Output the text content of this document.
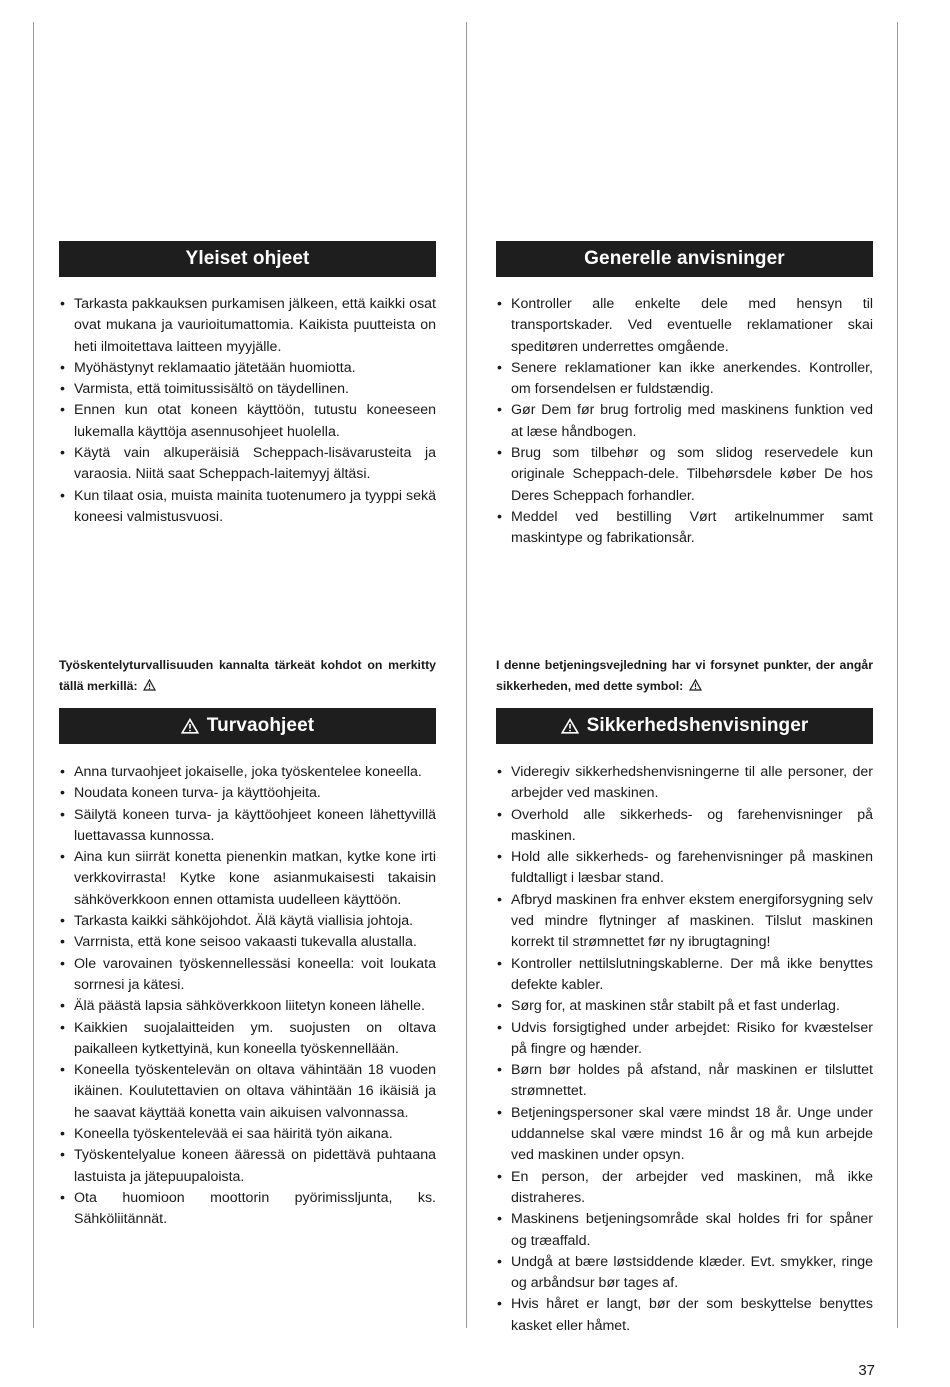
Yleiset ohjeet
• Tarkasta pakkauksen purkamisen jälkeen, että kaikki osat ovat mukana ja vaurioitumattomia. Kaikista puutteista on heti ilmoitettava laitteen myyjälle.
• Myöhästynyt reklamaatio jätetään huomiotta.
• Varmista, että toimitussisältö on täydellinen.
• Ennen kun otat koneen käyttöön, tutustu koneeseen lukemalla käyttöja asennusohjeet huolella.
• Käytä vain alkuperäisiä Scheppach-lisävarusteita ja varaosia. Niitä saat Scheppach-laitemyyj ältäsi.
• Kun tilaat osia, muista mainita tuotenumero ja tyyppi sekä koneesi valmistusvuosi.
Generelle anvisninger
• Kontroller alle enkelte dele med hensyn til transportskader. Ved eventuelle reklamationer skai speditøren underrettes omgående.
• Senere reklamationer kan ikke anerkendes. Kontroller, om forsendelsen er fuldstændig.
• Gør Dem før brug fortrolig med maskinens funktion ved at læse håndbogen.
• Brug som tilbehør og som slidog reservedele kun originale Scheppach-dele. Tilbehørsdele køber De hos Deres Scheppach forhandler.
• Meddel ved bestilling Vørt artikelnummer samt maskintype og fabrikationsår.
Työskentelyturvallisuuden kannalta tärkeät kohdot on merkitty tällä merkillä:
I denne betjeningsvejledning har vi forsynet punkter, der angår sikkerheden, med dette symbol:
Turvaohjeet
• Anna turvaohjeet jokaiselle, joka työskentelee koneella.
• Noudata koneen turva- ja käyttöohjeita.
• Säilytä koneen turva- ja käyttöohjeet koneen lähettyvillä luettavassa kunnossa.
• Aina kun siirrät konetta pienenkin matkan, kytke kone irti verkkovirrasta! Kytke kone asianmukaisesti takaisin sähköverkkoon ennen ottamista uudelleen käyttöön.
• Tarkasta kaikki sähköjohdot. Älä käytä viallisia johtoja.
• Varrnista, että kone seisoo vakaasti tukevalla alustalla.
• Ole varovainen työskennellessäsi koneella: voit loukata sorrnesi ja kätesi.
• Älä päästä lapsia sähköverkkoon liitetyn koneen lähelle.
• Kaikkien suojalaitteiden ym. suojusten on oltava paikalleen kytkettyinä, kun koneella työskennellään.
• Koneella työskentelevän on oltava vähintään 18 vuoden ikäinen. Koulutettavien on oltava vähintään 16 ikäisiä ja he saavat käyttää konetta vain aikuisen valvonnassa.
• Koneella työskentelevää ei saa häiritä työn aikana.
• Työskentelyalue koneen ääressä on pidettävä puhtaana lastuista ja jätepuupaloista.
• Ota huomioon moottorin pyörimissljunta, ks. Sähköliitännät.
Sikkerhedshenvisninger
• Videregiv sikkerhedshenvisningerne til alle personer, der arbejder ved maskinen.
• Overhold alle sikkerheds- og farehenvisninger på maskinen.
• Hold alle sikkerheds- og farehenvisninger på maskinen fuldtalligt i læsbar stand.
• Afbryd maskinen fra enhver ekstem energiforsygning selv ved mindre flytninger af maskinen. Tilslut maskinen korrekt til strømnettet før ny ibrugtagning!
• Kontroller nettilslutningskablerne. Der må ikke benyttes defekte kabler.
• Sørg for, at maskinen står stabilt på et fast underlag.
• Udvis forsigtighed under arbejdet: Risiko for kvæstelser på fingre og hænder.
• Børn bør holdes på afstand, når maskinen er tilsluttet strømnettet.
• Betjeningspersoner skal være mindst 18 år. Unge under uddannelse skal være mindst 16 år og må kun arbejde ved maskinen under opsyn.
• En person, der arbejder ved maskinen, må ikke distraheres.
• Maskinens betjeningsområde skal holdes fri for spåner og træaffald.
• Undgå at bære løstsiddende klæder. Evt. smykker, ringe og arbåndsur bør tages af.
• Hvis håret er langt, bør der som beskyttelse benyttes kasket eller håmet.
37
